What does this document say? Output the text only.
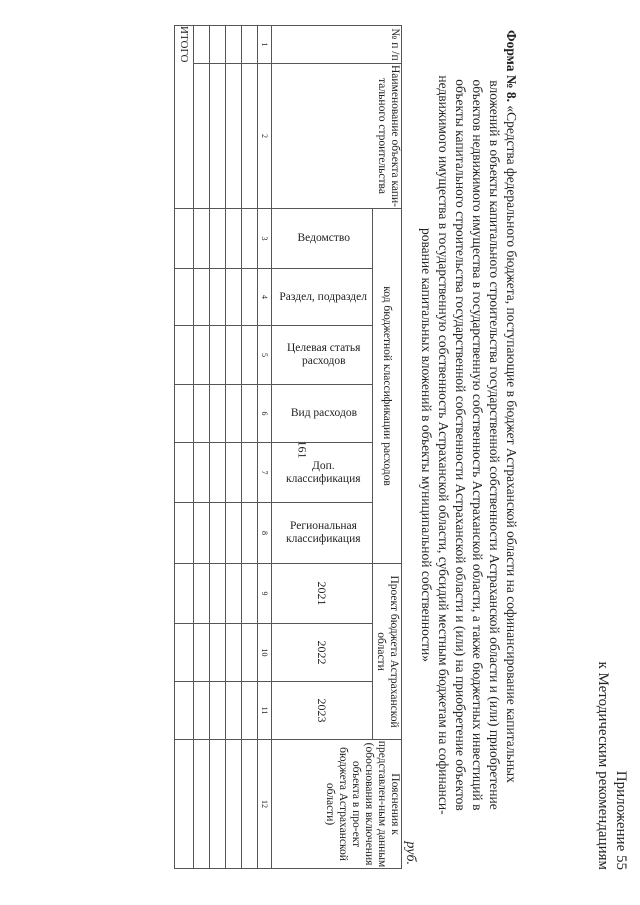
161
Приложение 55
к Методическим рекомендациям
Форма № 8. «Средства федерального бюджета, поступающие в бюджет Астраханской области на софинансирование капитальных
вложений в объекты капитального строительства государственной собственности Астраханской области и (или) приобретение
объектов недвижимого имущества в государственную собственность Астраханской области, а также бюджетных инвестиций в
объекты капитального строительства государственной собственности Астраханской области и (или) на приобретение объектов
недвижимого имущества в государственную собственность Астраханской области, субсидий местным бюджетам на софинанси-
рование капитальных вложений в объекты муниципальной собственности»
руб.
№ п /п	Наименование объекта капи-тального строительства	код бюджетной классификации расходов						Проект бюджета Астраханской области			Пояснения к представлен-ным данным (обоснования включения объекта в про-ект бюджета Астраханской области)
		Ведомство	Раздел, подраздел	Целевая статья расходов	Вид расходов	Доп. классификация	Региональная классификация	2021	2022	2023	

1	2	3	4	5	6	7	8	9	10	11	12

ИТОГО											
